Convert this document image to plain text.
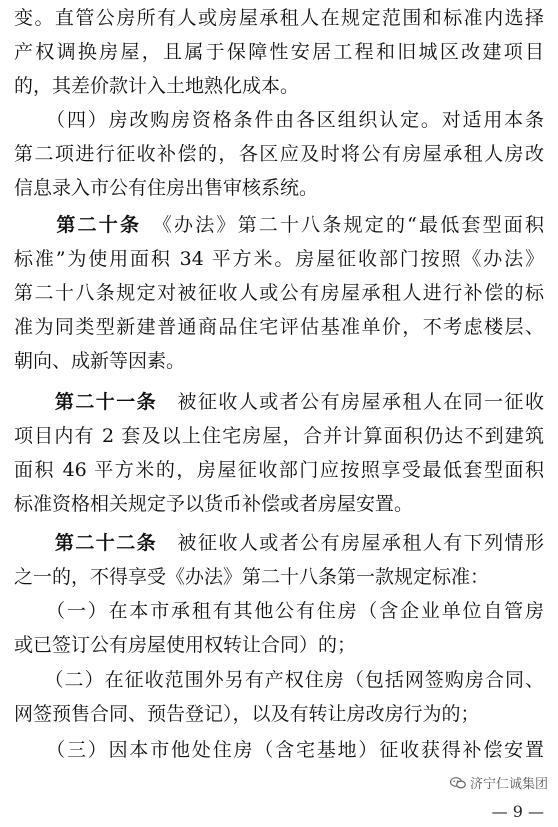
变。直管公房所有人或房屋承租人在规定范围和标准内选择
产权调换房屋，且属于保障性安居工程和旧城区改建项目
的，其差价款计入土地熟化成本。
　　（四）房改购房资格条件由各区组织认定。对适用本条
第二项进行征收补偿的，各区应及时将公有房屋承租人房改
信息录入市公有住房出售审核系统。
　　第二十条　《办法》第二十八条规定的“最低套型面积
标准”为使用面积 34 平方米。房屋征收部门按照《办法》
第二十八条规定对被征收人或公有房屋承租人进行补偿的标
准为同类型新建普通商品住宅评估基准单价，不考虑楼层、
朝向、成新等因素。
　　第二十一条　被征收人或者公有房屋承租人在同一征收
项目内有 2 套及以上住宅房屋，合并计算面积仍达不到建筑
面积 46 平方米的，房屋征收部门应按照享受最低套型面积
标准资格相关规定予以货币补偿或者房屋安置。
　　第二十二条　被征收人或者公有房屋承租人有下列情形
之一的，不得享受《办法》第二十八条第一款规定标准：
　　（一）在本市承租有其他公有住房（含企业单位自管房
或已签订公有房屋使用权转让合同）的；
　　（二）在征收范围外另有产权住房（包括网签购房合同、
网签预售合同、预告登记），以及有转让房改房行为的；
　　（三）因本市他处住房（含宅基地）征收获得补偿安置
济宁仁诚集团
— 9 —
